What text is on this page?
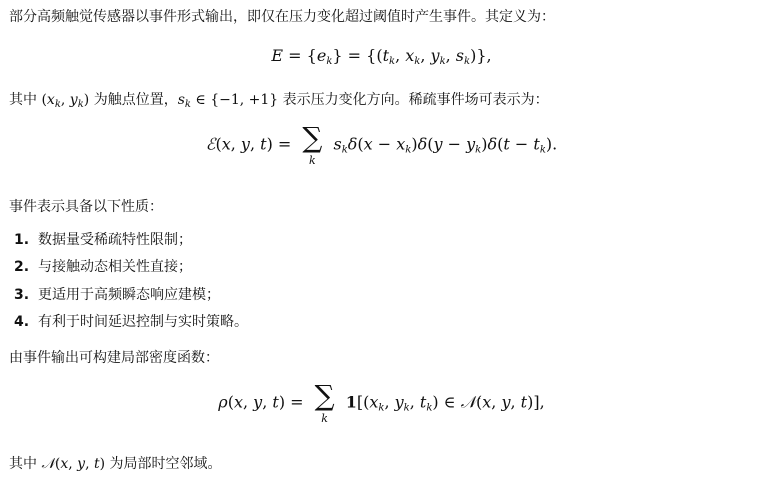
部分高频触觉传感器以事件形式输出，即仅在压力变化超过阈值时产生事件。其定义为：
$E = \{e_k\} = \{(t_k$, $x_k$, $y_k$, $s_k$)},
其中 ($x_k$, $y_k$) 为触点位置，$s_k$ ∈ {−1, +1} 表示压力变化方向。稀疏事件场可表示为：
ℰ(x, y, t) = ∑
k
$s_k\delta(x - x_k)\delta(y - y_k)\delta(t - t_k)$.
事件表示具备以下性质：
1. 数据量受稀疏特性限制；
2. 与接触动态相关性直接；
3. 更适用于高频瞬态响应建模；
4. 有利于时间延迟控制与实时策略。
由事件输出可构建局部密度函数：
ρ(x, y, t) = ∑
k
$1[(x_k$, $y_k$, $t_k$) ∈ 𝒩(x, y, t)],
其中 𝒩(x, y, t) 为局部时空邻域。
